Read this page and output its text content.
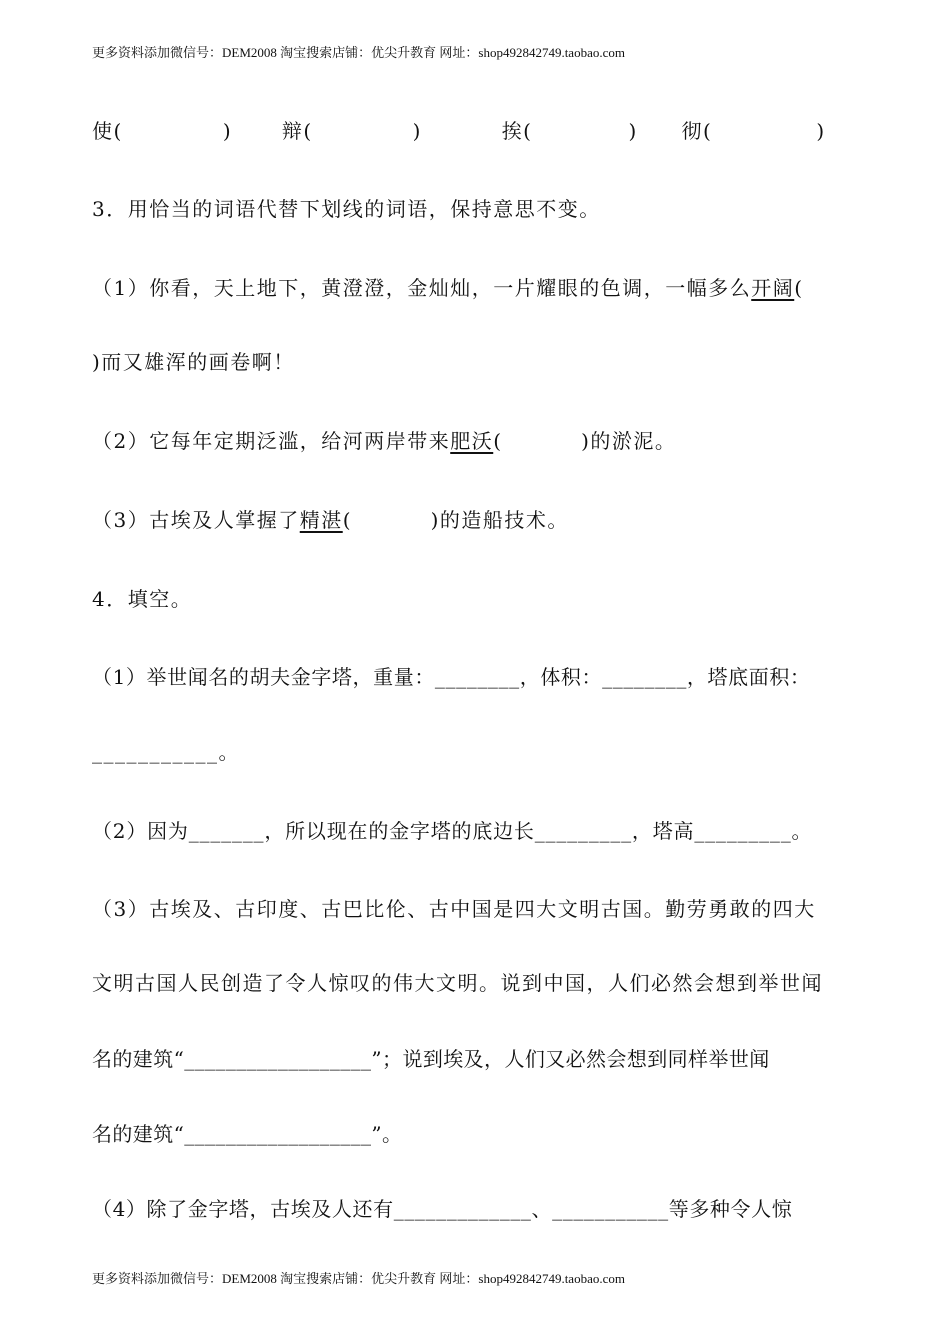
更多资料添加微信号：DEM2008 淘宝搜索店铺：优尖升教育 网址：shop492842749.taobao.com
使(	) 辩(	)	挨(	) 彻(	)
3．用恰当的词语代替下划线的词语，保持意思不变。
（1）你看，天上地下，黄澄澄，金灿灿，一片耀眼的色调，一幅多么开阔(
)而又雄浑的画卷啊！
（2）它每年定期泛滥，给河两岸带来肥沃(          )的淤泥。
（3）古埃及人掌握了精湛(          )的造船技术。
4．填空。
（1）举世闻名的胡夫金字塔，重量：________，体积：________，塔底面积：
___________。
（2）因为_______，所以现在的金字塔的底边长_________，塔高_________。
（3）古埃及、古印度、古巴比伦、古中国是四大文明古国。勤劳勇敢的四大
文明古国人民创造了令人惊叹的伟大文明。说到中国，人们必然会想到举世闻
名的建筑“__________________”；说到埃及，人们又必然会想到同样举世闻
名的建筑“__________________”。
（4）除了金字塔，古埃及人还有_____________、___________等多种令人惊
更多资料添加微信号：DEM2008 淘宝搜索店铺：优尖升教育 网址：shop492842749.taobao.com
